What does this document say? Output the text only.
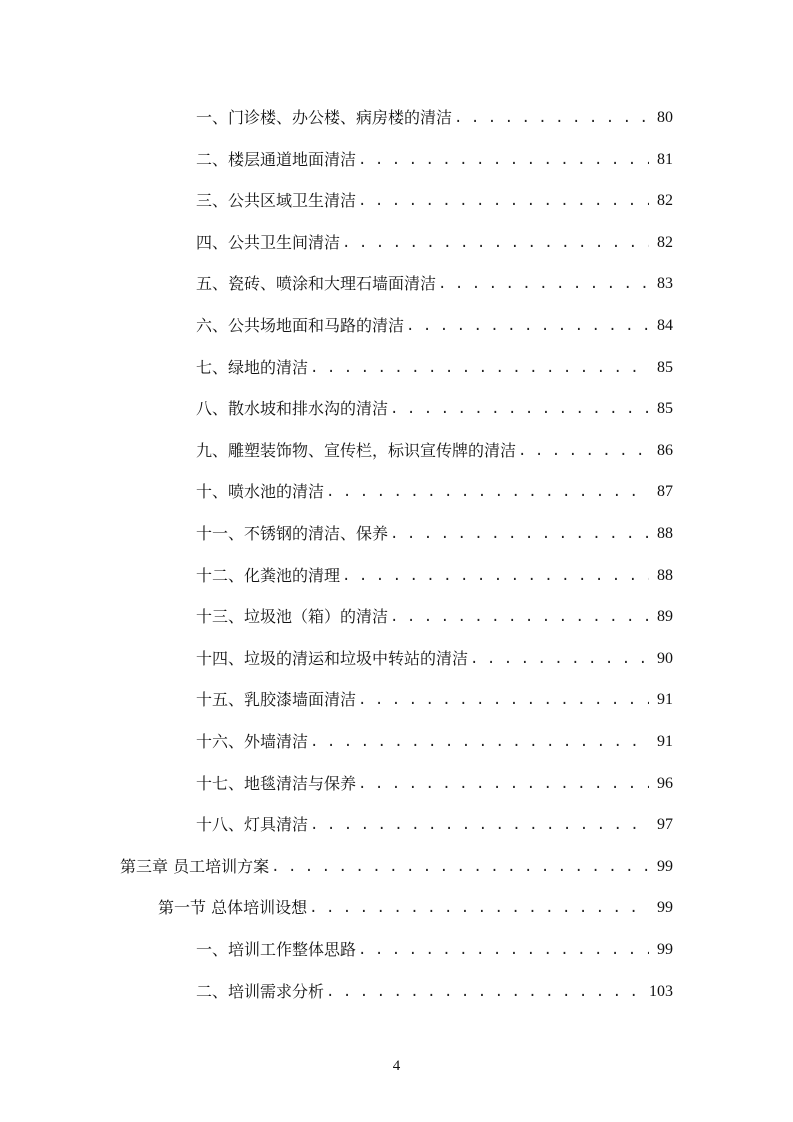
一、门诊楼、办公楼、病房楼的清洁 . . .	80
二、楼层通道地面清洁 . . .	81
三、公共区域卫生清洁 . . .	82
四、公共卫生间清洁 . . .	82
五、瓷砖、喷涂和大理石墙面清洁 . . .	83
六、公共场地面和马路的清洁 . . .	84
七、绿地的清洁 . . .	85
八、散水坡和排水沟的清洁 . . .	85
九、雕塑装饰物、宣传栏，标识宣传牌的清洁 . . .	86
十、喷水池的清洁 . . .	87
十一、不锈钢的清洁、保养 . . .	88
十二、化粪池的清理 . . .	88
十三、垃圾池（箱）的清洁 . . .	89
十四、垃圾的清运和垃圾中转站的清洁 . . .	90
十五、乳胶漆墙面清洁 . . .	91
十六、外墙清洁 . . .	91
十七、地毯清洁与保养 . . .	96
十八、灯具清洁 . . .	97
第三章 员工培训方案 . . .	99
第一节 总体培训设想 . . .	99
一、培训工作整体思路 . . .	99
二、培训需求分析 . . .	103
4
